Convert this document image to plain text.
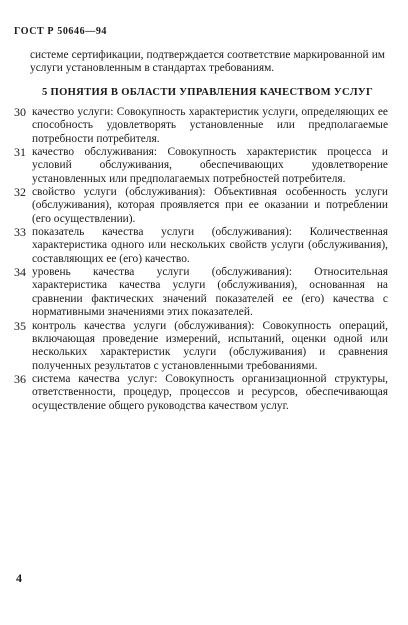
ГОСТ Р 50646—94
системе сертификации, подтверждается соответствие маркированной им услуги установленным в стандартах требованиям.
5 ПОНЯТИЯ В ОБЛАСТИ УПРАВЛЕНИЯ КАЧЕСТВОМ УСЛУГ
30 качество услуги: Совокупность характеристик услуги, определяющих ее способность удовлетворять установленные или предполагаемые потребности потребителя.
31 качество обслуживания: Совокупность характеристик процесса и условий обслуживания, обеспечивающих удовлетворение установленных или предполагаемых потребностей потребителя.
32 свойство услуги (обслуживания): Объективная особенность услуги (обслуживания), которая проявляется при ее оказании и потреблении (его осуществлении).
33 показатель качества услуги (обслуживания): Количественная характеристика одного или нескольких свойств услуги (обслуживания), составляющих ее (его) качество.
34 уровень качества услуги (обслуживания): Относительная характеристика качества услуги (обслуживания), основанная на сравнении фактических значений показателей ее (его) качества с нормативными значениями этих показателей.
35 контроль качества услуги (обслуживания): Совокупность операций, включающая проведение измерений, испытаний, оценки одной или нескольких характеристик услуги (обслуживания) и сравнения полученных результатов с установленными требованиями.
36 система качества услуг: Совокупность организационной структуры, ответственности, процедур, процессов и ресурсов, обеспечивающая осуществление общего руководства качеством услуг.
4
